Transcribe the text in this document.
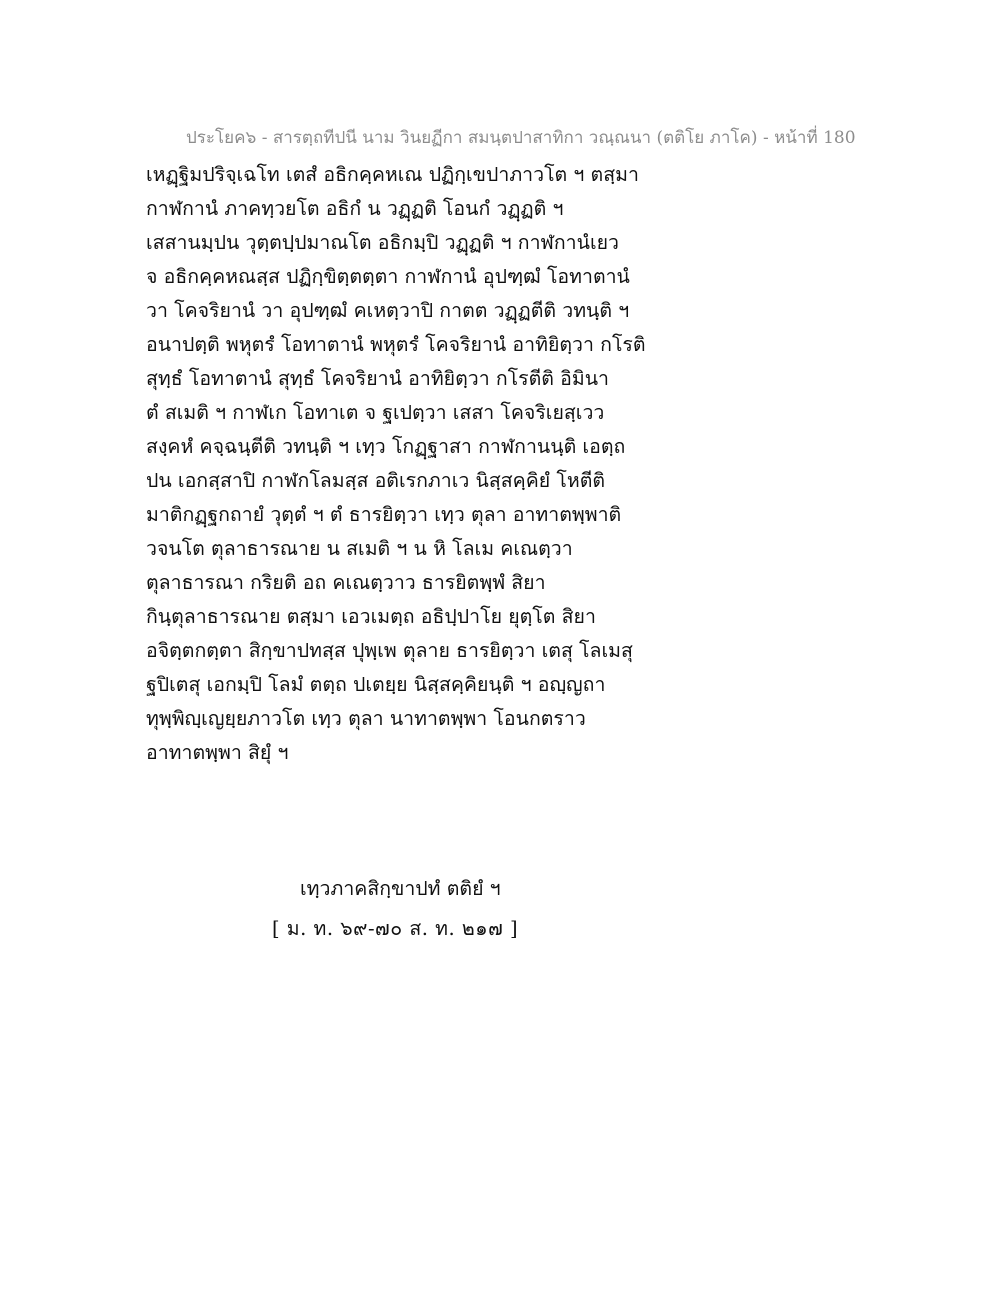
ประโยค๖ - สารตฺถทีปนี นาม วินยฏีกา สมนฺตปาสาทิกา วณฺณนา (ตติโย ภาโค) - หน้าที่ 180
เหฏฺฐิมปริจฺเฉโท เตสํ อธิกคฺคหเณ ปฏิกฺเขปาภาวโต ฯ ตสฺมา
กาฬกานํ ภาคทฺวยโต อธิกํ น วฏฺฏติ โอนกํ วฏฺฏติ ฯ
เสสานมฺปน วุตฺตปฺปมาณโต อธิกมฺปิ วฏฺฏติ ฯ กาฬกานํเยว
จ อธิกคฺคหณสฺส ปฏิกฺขิตฺตตฺตา กาฬกานํ อุปฑฺฒํ โอทาตานํ
วา โคจริยานํ วา อุปฑฺฒํ คเหตฺวาปิ กาตต วฏฺฏตีติ วทนฺติ ฯ
อนาปตฺติ พหุตรํ โอทาตานํ พหุตรํ โคจริยานํ อาทิยิตฺวา กโรติ
สุทฺธํ โอทาตานํ สุทฺธํ โคจริยานํ อาทิยิตฺวา กโรตีติ อิมินา
ตํ สเมติ ฯ กาฬเก โอทาเต จ ฐเปตฺวา เสสา โคจริเยสฺเวว
สงฺคหํ คจฺฉนฺตีติ วทนฺติ ฯ เทฺว โกฏฺฐาสา กาฬกานนฺติ เอตฺถ
ปน เอกสฺสาปิ กาฬกโลมสฺส อติเรกภาเว นิสฺสคฺคิยํ โหตีติ
มาติกฏฺฐกถายํ วุตฺตํ ฯ ตํ ธารยิตฺวา เทฺว ตุลา อาทาตพฺพาติ
วจนโต ตุลาธารณาย น สเมติ ฯ น หิ โลเม คเณตฺวา
ตุลาธารณา กริยติ อถ คเณตฺวาว ธารยิตพฺพํ สิยา
กินฺตุลาธารณาย ตสฺมา เอวเมตฺถ อธิปฺปาโย ยุตฺโต สิยา
อจิตฺตกตฺตา สิกฺขาปทสฺส ปุพฺเพ ตุลาย ธารยิตฺวา เตสุ โลเมสุ
ฐปิเตสุ เอกมฺปิ โลมํ ตตฺถ ปเตยฺย นิสฺสคฺคิยนฺติ ฯ อญฺญถา
ทุพฺพิญฺเญยฺยภาวโต เทฺว ตุลา นาทาตพฺพา โอนกตราว
อาทาตพฺพา สิยุํ ฯ
เทฺวภาคสิกฺขาปทํ ตติยํ ฯ
[ ม. ท. ๖๙-๗๐ ส. ท. ๒๑๗ ]
